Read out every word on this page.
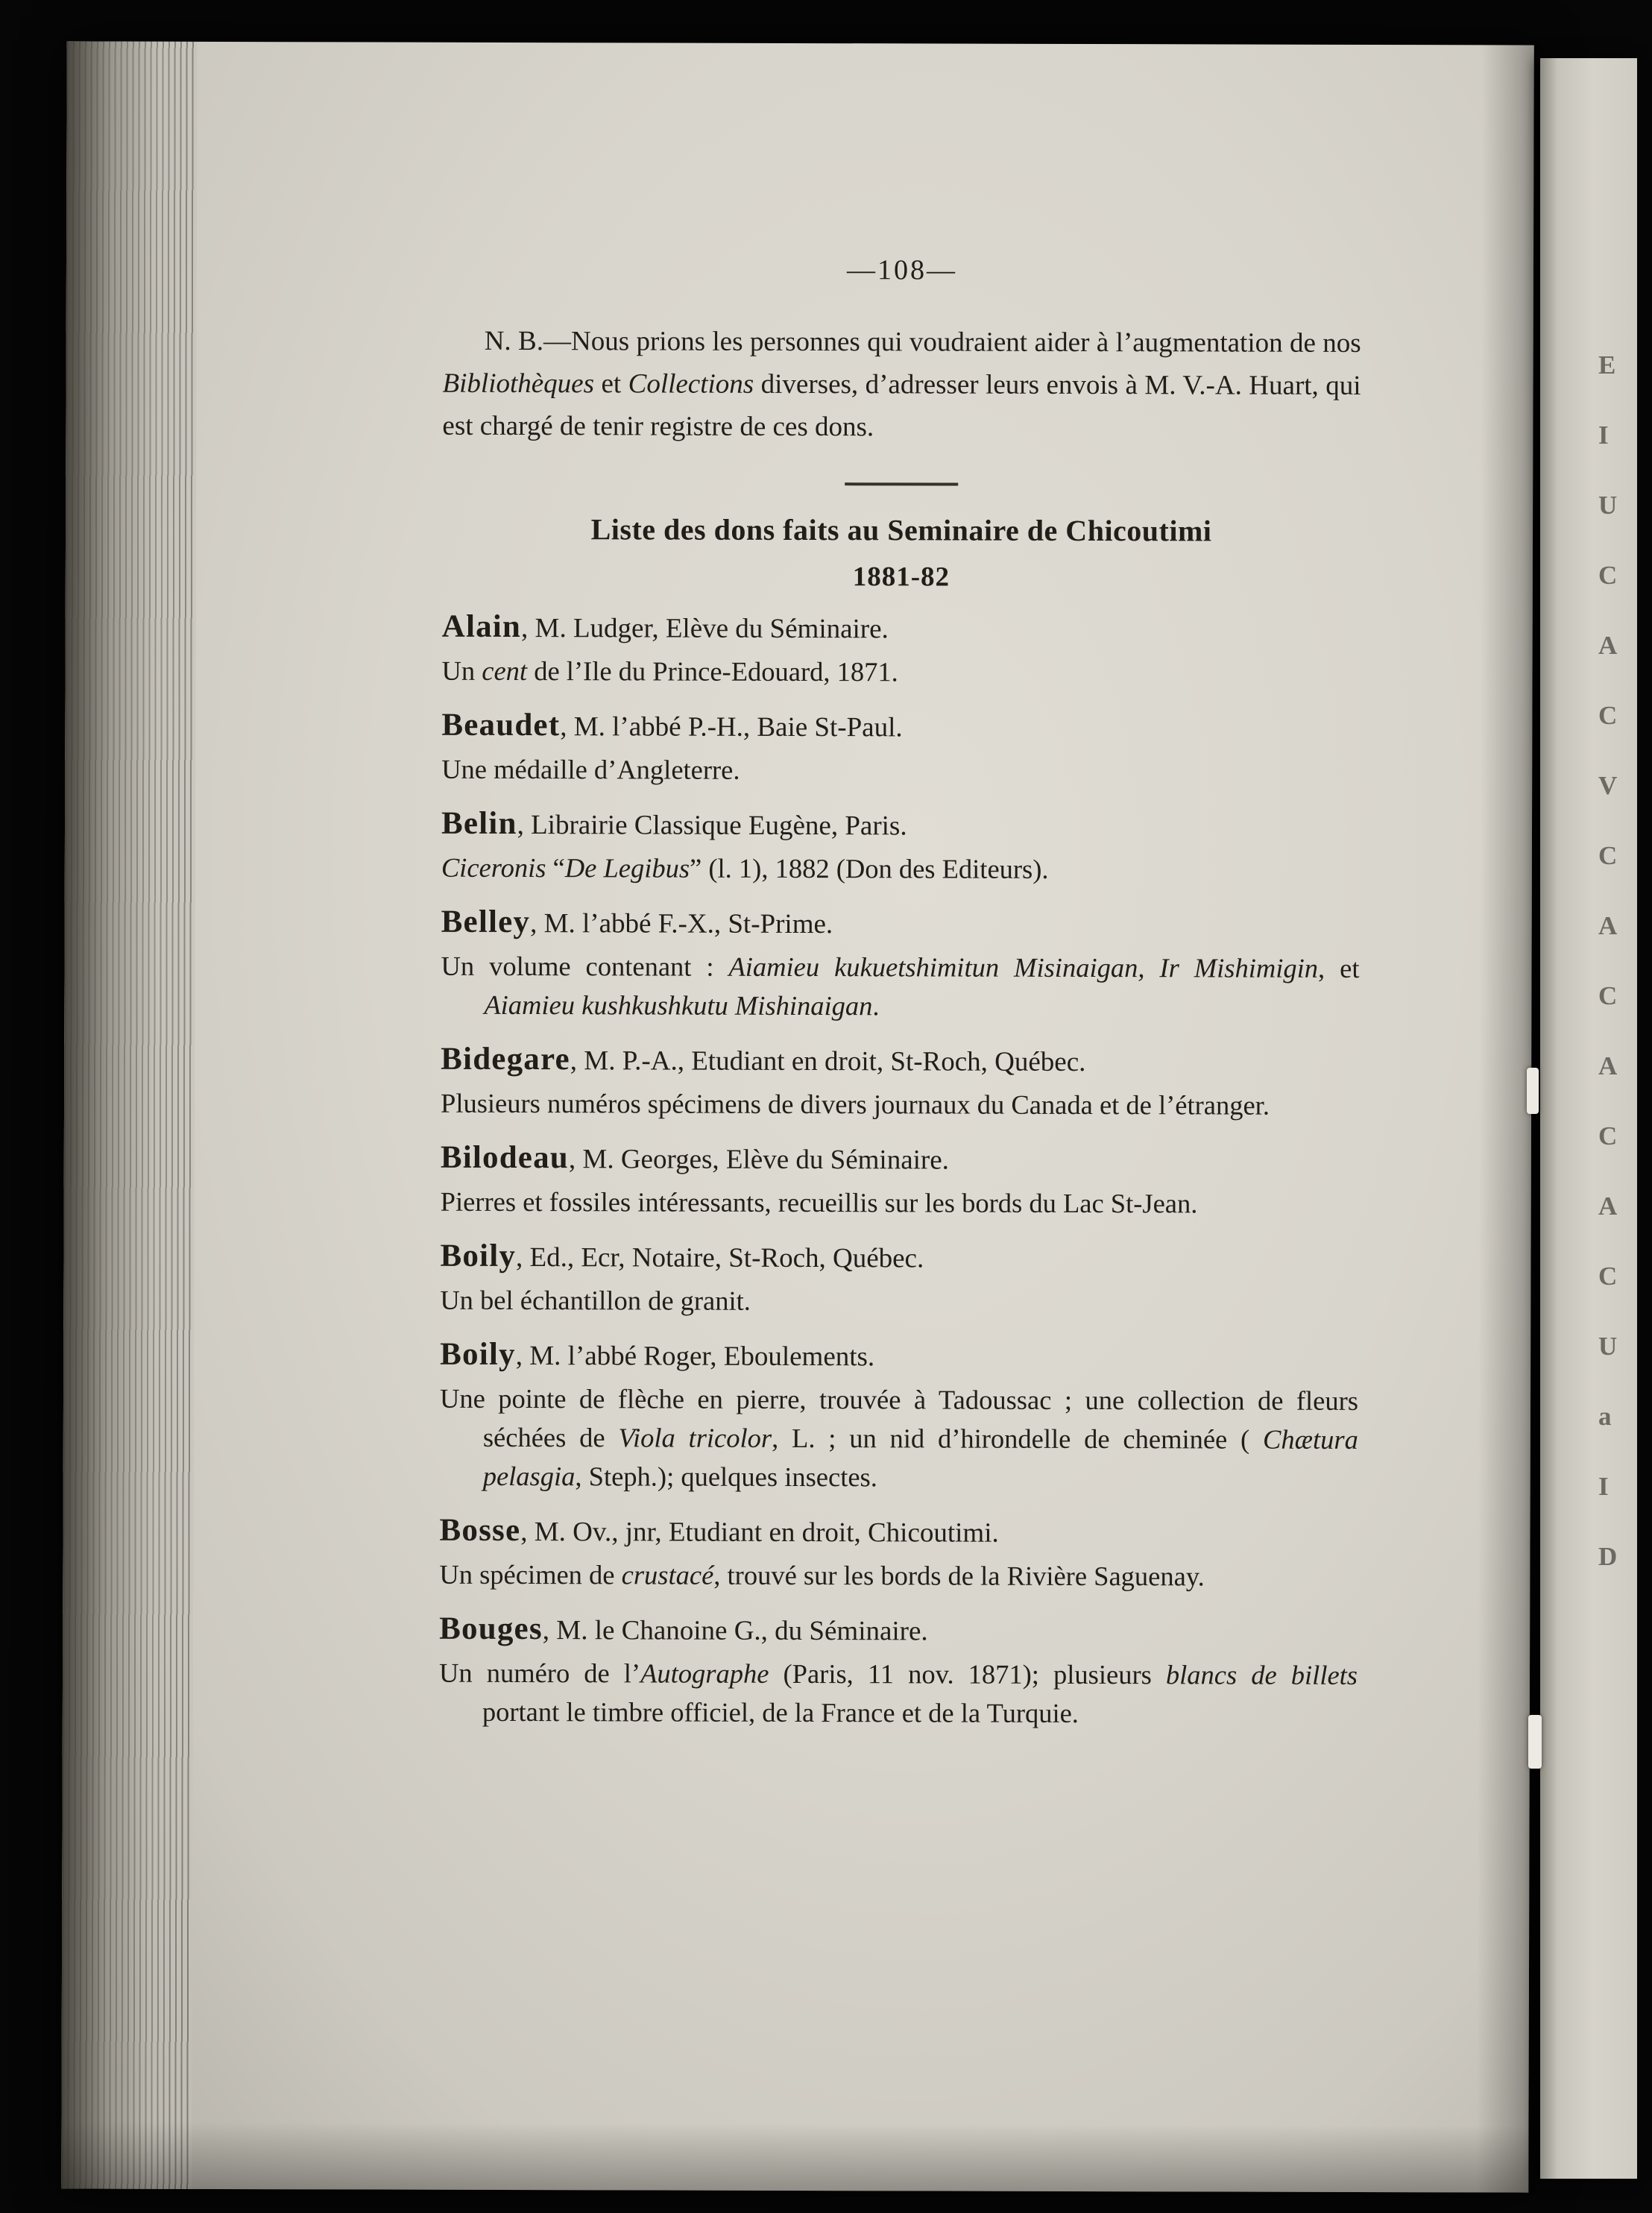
—108—

N. B.—Nous prions les personnes qui voudraient aider à l’augmentation de nos Bibliothèques et Collections diverses, d’adresser leurs envois à M. V.-A. Huart, qui est chargé de tenir registre de ces dons.

Liste des dons faits au Seminaire de Chicoutimi
1881-82

Alain, M. Ludger, Elève du Séminaire.

Un cent de l’Ile du Prince-Edouard, 1871.

Beaudet, M. l’abbé P.-H., Baie St-Paul.

Une médaille d’Angleterre.

Belin, Librairie Classique Eugène, Paris.

Ciceronis “De Legibus” (l. 1), 1882 (Don des Editeurs).

Belley, M. l’abbé F.-X., St-Prime.

Un volume contenant : Aiamieu kukuetshimitun Misinaigan, Ir Mishimigin, et Aiamieu kushkushkutu Mishinaigan.

Bidegare, M. P.-A., Etudiant en droit, St-Roch, Québec.

Plusieurs numéros spécimens de divers journaux du Canada et de l’étranger.

Bilodeau, M. Georges, Elève du Séminaire.

Pierres et fossiles intéressants, recueillis sur les bords du Lac St-Jean.

Boily, Ed., Ecr, Notaire, St-Roch, Québec.

Un bel échantillon de granit.

Boily, M. l’abbé Roger, Eboulements.

Une pointe de flèche en pierre, trouvée à Tadoussac ; une collection de fleurs séchées de Viola tricolor, L. ; un nid d’hirondelle de cheminée ( Chætura pelasgia, Steph.); quelques insectes.

Bosse, M. Ov., jnr, Etudiant en droit, Chicoutimi.

Un spécimen de crustacé, trouvé sur les bords de la Rivière Saguenay.

Bouges, M. le Chanoine G., du Séminaire.

Un numéro de l’Autographe (Paris, 11 nov. 1871); plusieurs blancs de billets portant le timbre officiel, de la France et de la Turquie.

E
I
U
C
A
C
V
C
A
C
A
C
A
C
U
a
I
D
